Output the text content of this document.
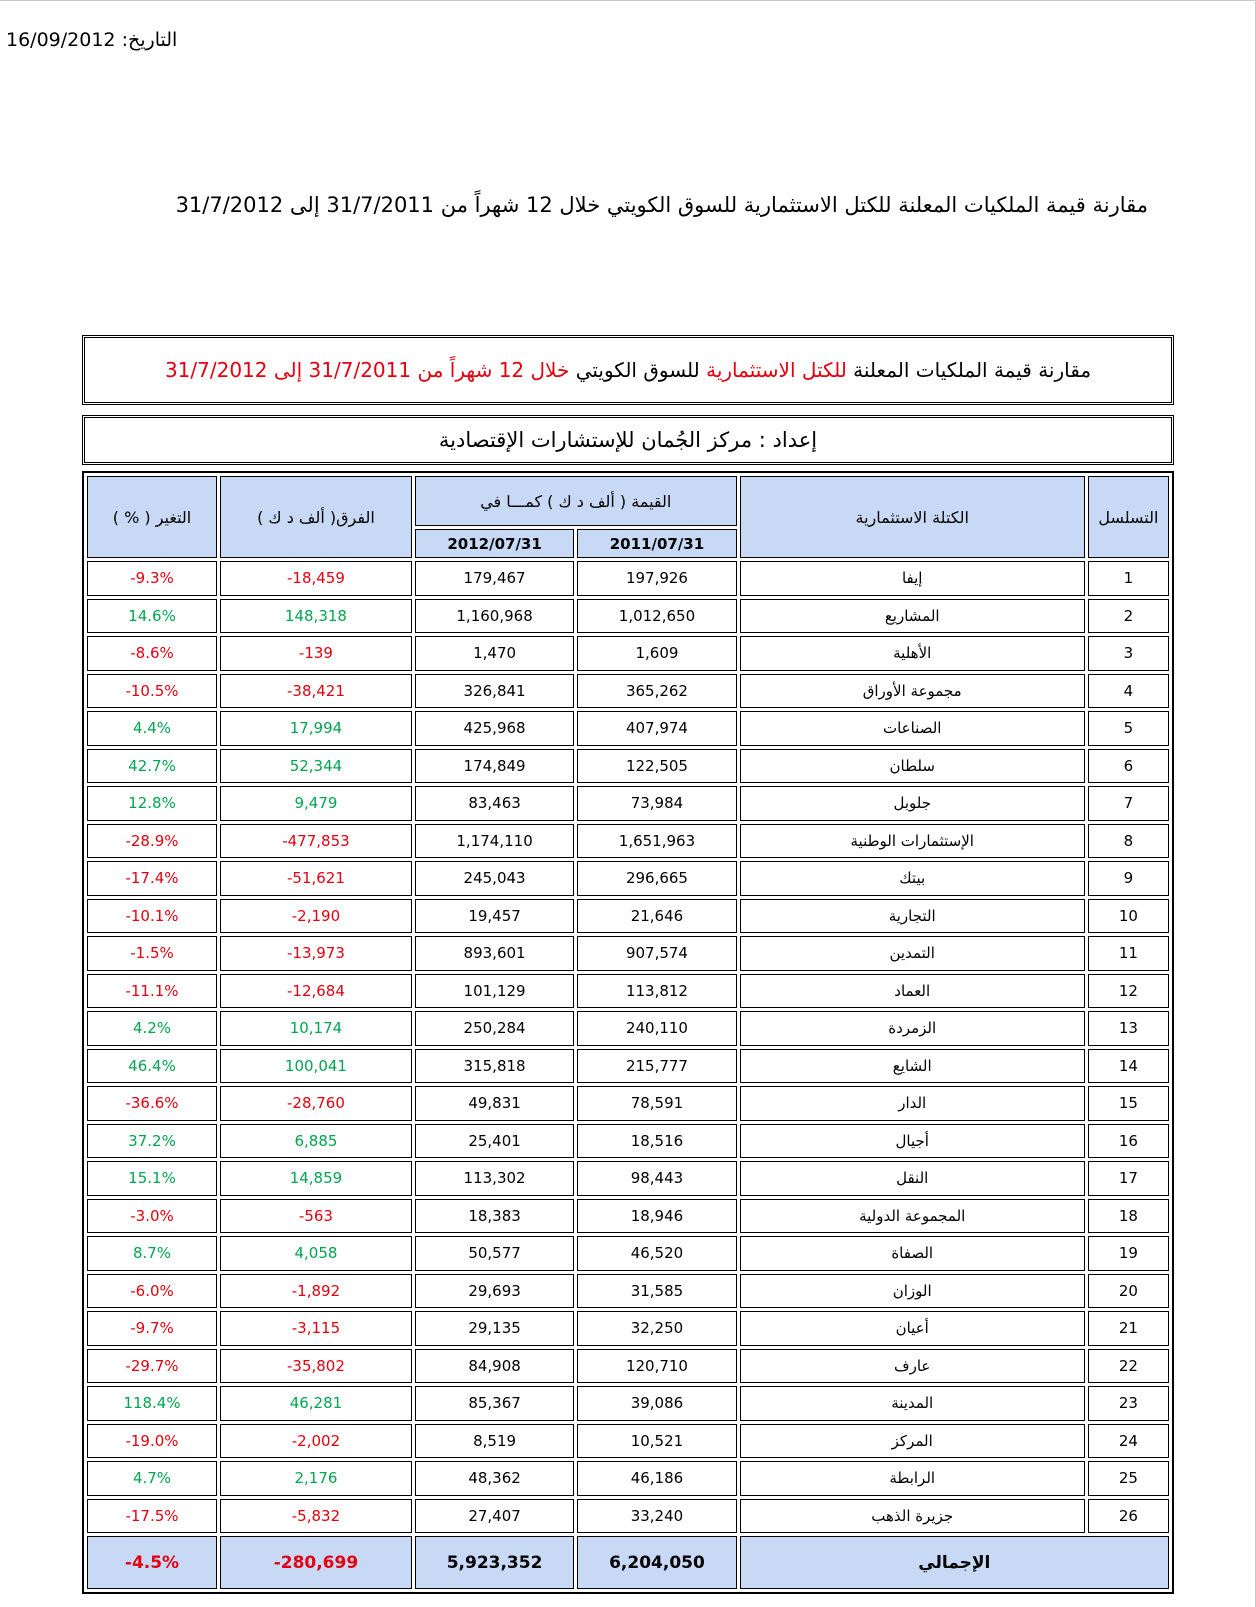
التاريخ: 16/09/2012
مقارنة قيمة الملكيات المعلنة للكتل الاستثمارية للسوق الكويتي خلال 12 شهراً من 31/7/2011 إلى 31/7/2012
مقارنة قيمة الملكيات المعلنة

للكتل الاستثمارية

للسوق الكويتي

خلال 12 شهراً من 31/7/2011 إلى 31/7/2012
إعداد : مركز الجُمان للإستشارات الإقتصادية
التسلسل	الكتلة الاستثمارية	القيمة ( ألف د ك ) كمـــا في		الفرق( ألف د ك )	التغير ( % )
		2011/07/31	2012/07/31		
1	إيفا	197,926	179,467	-18,459	-9.3%
2	المشاريع	1,012,650	1,160,968	148,318	14.6%
3	الأهلية	1,609	1,470	-139	-8.6%
4	مجموعة الأوراق	365,262	326,841	-38,421	-10.5%
5	الصناعات	407,974	425,968	17,994	4.4%
6	سلطان	122,505	174,849	52,344	42.7%
7	جلوبل	73,984	83,463	9,479	12.8%
8	الإستثمارات الوطنية	1,651,963	1,174,110	-477,853	-28.9%
9	بيتك	296,665	245,043	-51,621	-17.4%
10	التجارية	21,646	19,457	-2,190	-10.1%
11	التمدين	907,574	893,601	-13,973	-1.5%
12	العماد	113,812	101,129	-12,684	-11.1%
13	الزمردة	240,110	250,284	10,174	4.2%
14	الشايع	215,777	315,818	100,041	46.4%
15	الدار	78,591	49,831	-28,760	-36.6%
16	أجيال	18,516	25,401	6,885	37.2%
17	النقل	98,443	113,302	14,859	15.1%
18	المجموعة الدولية	18,946	18,383	-563	-3.0%
19	الصفاة	46,520	50,577	4,058	8.7%
20	الوزان	31,585	29,693	-1,892	-6.0%
21	أعيان	32,250	29,135	-3,115	-9.7%
22	عارف	120,710	84,908	-35,802	-29.7%
23	المدينة	39,086	85,367	46,281	118.4%
24	المركز	10,521	8,519	-2,002	-19.0%
25	الرابطة	46,186	48,362	2,176	4.7%
26	جزيرة الذهب	33,240	27,407	-5,832	-17.5%
الإجمالي		6,204,050	5,923,352	-280,699	-4.5%
